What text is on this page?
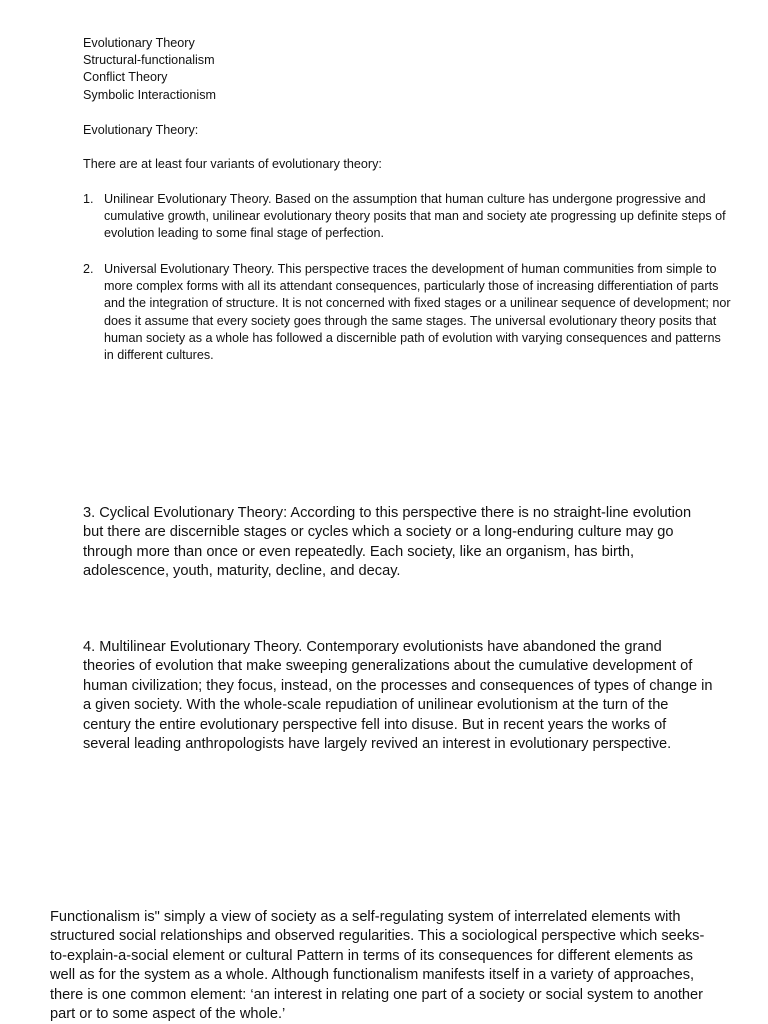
Evolutionary Theory
Structural-functionalism
Conflict Theory
Symbolic Interactionism

Evolutionary Theory:

There are at least four variants of evolutionary theory:

1. Unilinear Evolutionary Theory. Based on the assumption that human culture has undergone progressive and cumulative growth, unilinear evolutionary theory posits that man and society ate progressing up definite steps of evolution leading to some final stage of perfection.
2. Universal Evolutionary Theory. This perspective traces the development of human communities from simple to more complex forms with all its attendant consequences, particularly those of increasing differentiation of parts and the integration of structure. It is not concerned with fixed stages or a unilinear sequence of development; nor does it assume that every society goes through the same stages. The universal evolutionary theory posits that human society as a whole has followed a discernible path of evolution with varying consequences and patterns in different cultures.

3. Cyclical Evolutionary Theory: According to this perspective there is no straight-line evolution but there are discernible stages or cycles which a society or a long-enduring culture may go through more than once or even repeatedly. Each society, like an organism, has birth, adolescence, youth, maturity, decline, and decay.

4. Multilinear Evolutionary Theory. Contemporary evolutionists have abandoned the grand theories of evolution that make sweeping generalizations about the cumulative development of human civilization; they focus, instead, on the processes and consequences of types of change in a given society. With the whole-scale repudiation of unilinear evolutionism at the turn of the century the entire evolutionary perspective fell into disuse. But in recent years the works of several leading anthropologists have largely revived an interest in evolutionary perspective.

Functionalism is" simply a view of society as a self-regulating system of interrelated elements with structured social relationships and observed regularities. This a sociological perspective which seeks-to-explain-a-social element or cultural Pattern in terms of its consequences for different elements as well as for the system as a whole. Although functionalism manifests itself in a variety of approaches, there is one common element: ‘an interest in relating one part of a society or social system to another part or to some aspect of the whole.’
